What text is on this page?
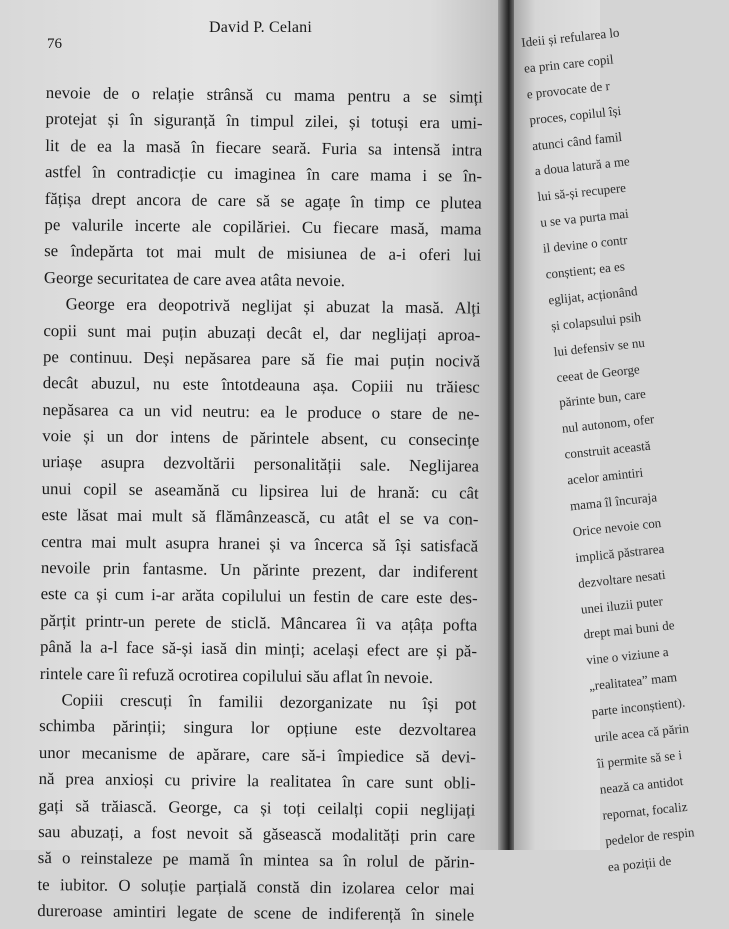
76
David P. Celani
nevoie de o relație strânsă cu mama pentru a se simți
protejat și în siguranță în timpul zilei, și totuși era umi-
lit de ea la masă în fiecare seară. Furia sa intensă intra
astfel în contradicție cu imaginea în care mama i se în-
fățișa drept ancora de care să se agațe în timp ce plutea
pe valurile incerte ale copilăriei. Cu fiecare masă, mama
se îndepărta tot mai mult de misiunea de a-i oferi lui
George securitatea de care avea atâta nevoie.
George era deopotrivă neglijat și abuzat la masă. Alți
copii sunt mai puțin abuzați decât el, dar neglijați aproa-
pe continuu. Deși nepăsarea pare să fie mai puțin nocivă
decât abuzul, nu este întotdeauna așa. Copiii nu trăiesc
nepăsarea ca un vid neutru: ea le produce o stare de ne-
voie și un dor intens de părintele absent, cu consecințe
uriașe asupra dezvoltării personalității sale. Neglijarea
unui copil se aseamănă cu lipsirea lui de hrană: cu cât
este lăsat mai mult să flămânzească, cu atât el se va con-
centra mai mult asupra hranei și va încerca să își satisfacă
nevoile prin fantasme. Un părinte prezent, dar indiferent
este ca și cum i-ar arăta copilului un festin de care este des-
părțit printr-un perete de sticlă. Mâncarea îi va ațâța pofta
până la a-l face să-și iasă din minți; același efect are și pă-
rintele care îi refuză ocrotirea copilului său aflat în nevoie.
Copiii crescuți în familii dezorganizate nu își pot
schimba părinții; singura lor opțiune este dezvoltarea
unor mecanisme de apărare, care să-i împiedice să devi-
nă prea anxioși cu privire la realitatea în care sunt obli-
gați să trăiască. George, ca și toți ceilalți copii neglijați
sau abuzați, a fost nevoit să găsească modalități prin care
să o reinstaleze pe mamă în mintea sa în rolul de părin-
te iubitor. O soluție parțială constă din izolarea celor mai
dureroase amintiri legate de scene de indiferență în sinele
Ideii și refulareа lo
ea prin care copil
e provocate de r
proces, copilul își
atunci când famil
a doua latură a me
lui să-și recupere
u se va purta mai
il devine o contr
conștient; ea es
eglijat, acționând
și colapsului psih
lui defensiv se nu
ceeat de George
părinte bun, care
nul autonom, ofer
construit această
acelor amintiri
mama îl încuraja
Orice nevoie con
implică păstrarea
dezvoltare nesati
unei iluzii puter
drept mai buni de
vine o viziune a
„realitatea” mam
parte inconștient).
urile acea că părin
îi permite să se i
nează ca antidot
repornat, focaliz
pedelor de respin
ea poziții de
